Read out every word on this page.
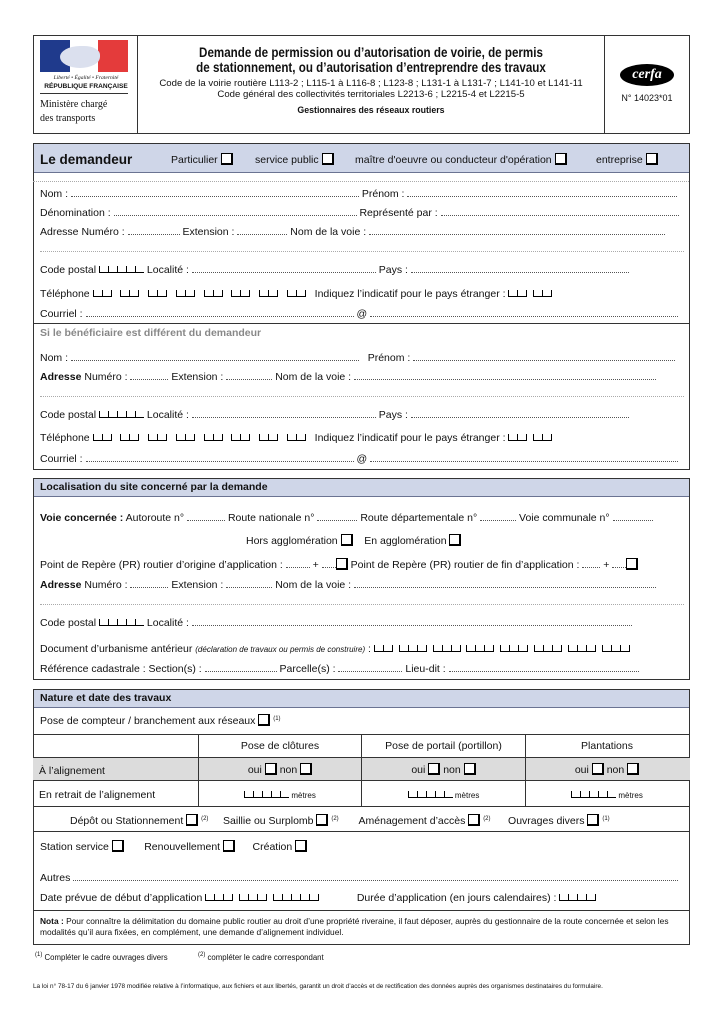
Liberté • Égalité • Fraternité
RÉPUBLIQUE FRANÇAISE
Ministère chargé
des transports
Demande de permission ou d’autorisation de voirie, de permis
de stationnement, ou d’autorisation d’entreprendre des travaux
Code de la voirie routière L113-2 ; L115-1 à L116-8 ; L123-8 ; L131-1 à L131-7 ; L141-10 et L141-11
Code général des collectivités territoriales L2213-6 ; L2215-4 et L2215-5
Gestionnaires des réseaux routiers
cerfa
N° 14023*01
Le demandeur	Particulier	service public	maître d'oeuvre ou conducteur d'opération	entreprise
Nom :	Prénom :
Dénomination :	Représenté par :
Adresse Numéro :	Extension :	Nom de la voie :
Code postal	Localité :	Pays :
Téléphone	Indiquez l’indicatif pour le pays étranger :
Courriel :	@
Si le bénéficiaire est différent du demandeur
Nom :	Prénom :
Adresse Numéro :	Extension :	Nom de la voie :
Code postal	Localité :	Pays :
Téléphone	Indiquez l’indicatif pour le pays étranger :
Courriel :	@
Localisation du site concerné par la demande
Voie concernée : Autoroute n°	Route nationale n°	Route départementale n°	Voie communale n°
Hors agglomération	En agglomération
Point de Repère (PR) routier d’origine d’application :	+	Point de Repère (PR) routier de fin d’application : +
Adresse Numéro :	Extension :	Nom de la voie :
Code postal	Localité :
Document d’urbanisme antérieur (déclaration de travaux ou permis de construire) :
Référence cadastrale : Section(s) :	Parcelle(s) :	Lieu-dit :
Nature et date des travaux
Pose de compteur / branchement aux réseaux	$^{(1)}$
Pose de clôtures	Pose de portail (portillon)	Plantations
À l’alignement	oui non	oui non	oui non
En retrait de l’alignement	mètres	mètres	mètres
Dépôt ou Stationnement	$^{(2)}$ Saillie ou Surplomb	$^{(2)}$ Aménagement d’accès	$^{(2)}$ Ouvrages divers	$^{(1)}$
Station service	Renouvellement	Création
Autres
Date prévue de début d’application	Durée d’application (en jours calendaires) :
Nota : Pour connaître la délimitation du domaine public routier au droit d’une propriété riveraine, il faut déposer, auprès du gestionnaire de la route concernée et selon les modalités qu’il aura fixées, en complément, une demande d’alignement individuel.
$^{(1)}$ Compléter le cadre ouvrages divers	$^{(2)}$ compléter le cadre correspondant
La loi n° 78-17 du 6 janvier 1978 modifiée relative à l’informatique, aux fichiers et aux libertés, garantit un droit d’accès et de rectification des données auprès des organismes destinataires du formulaire.
